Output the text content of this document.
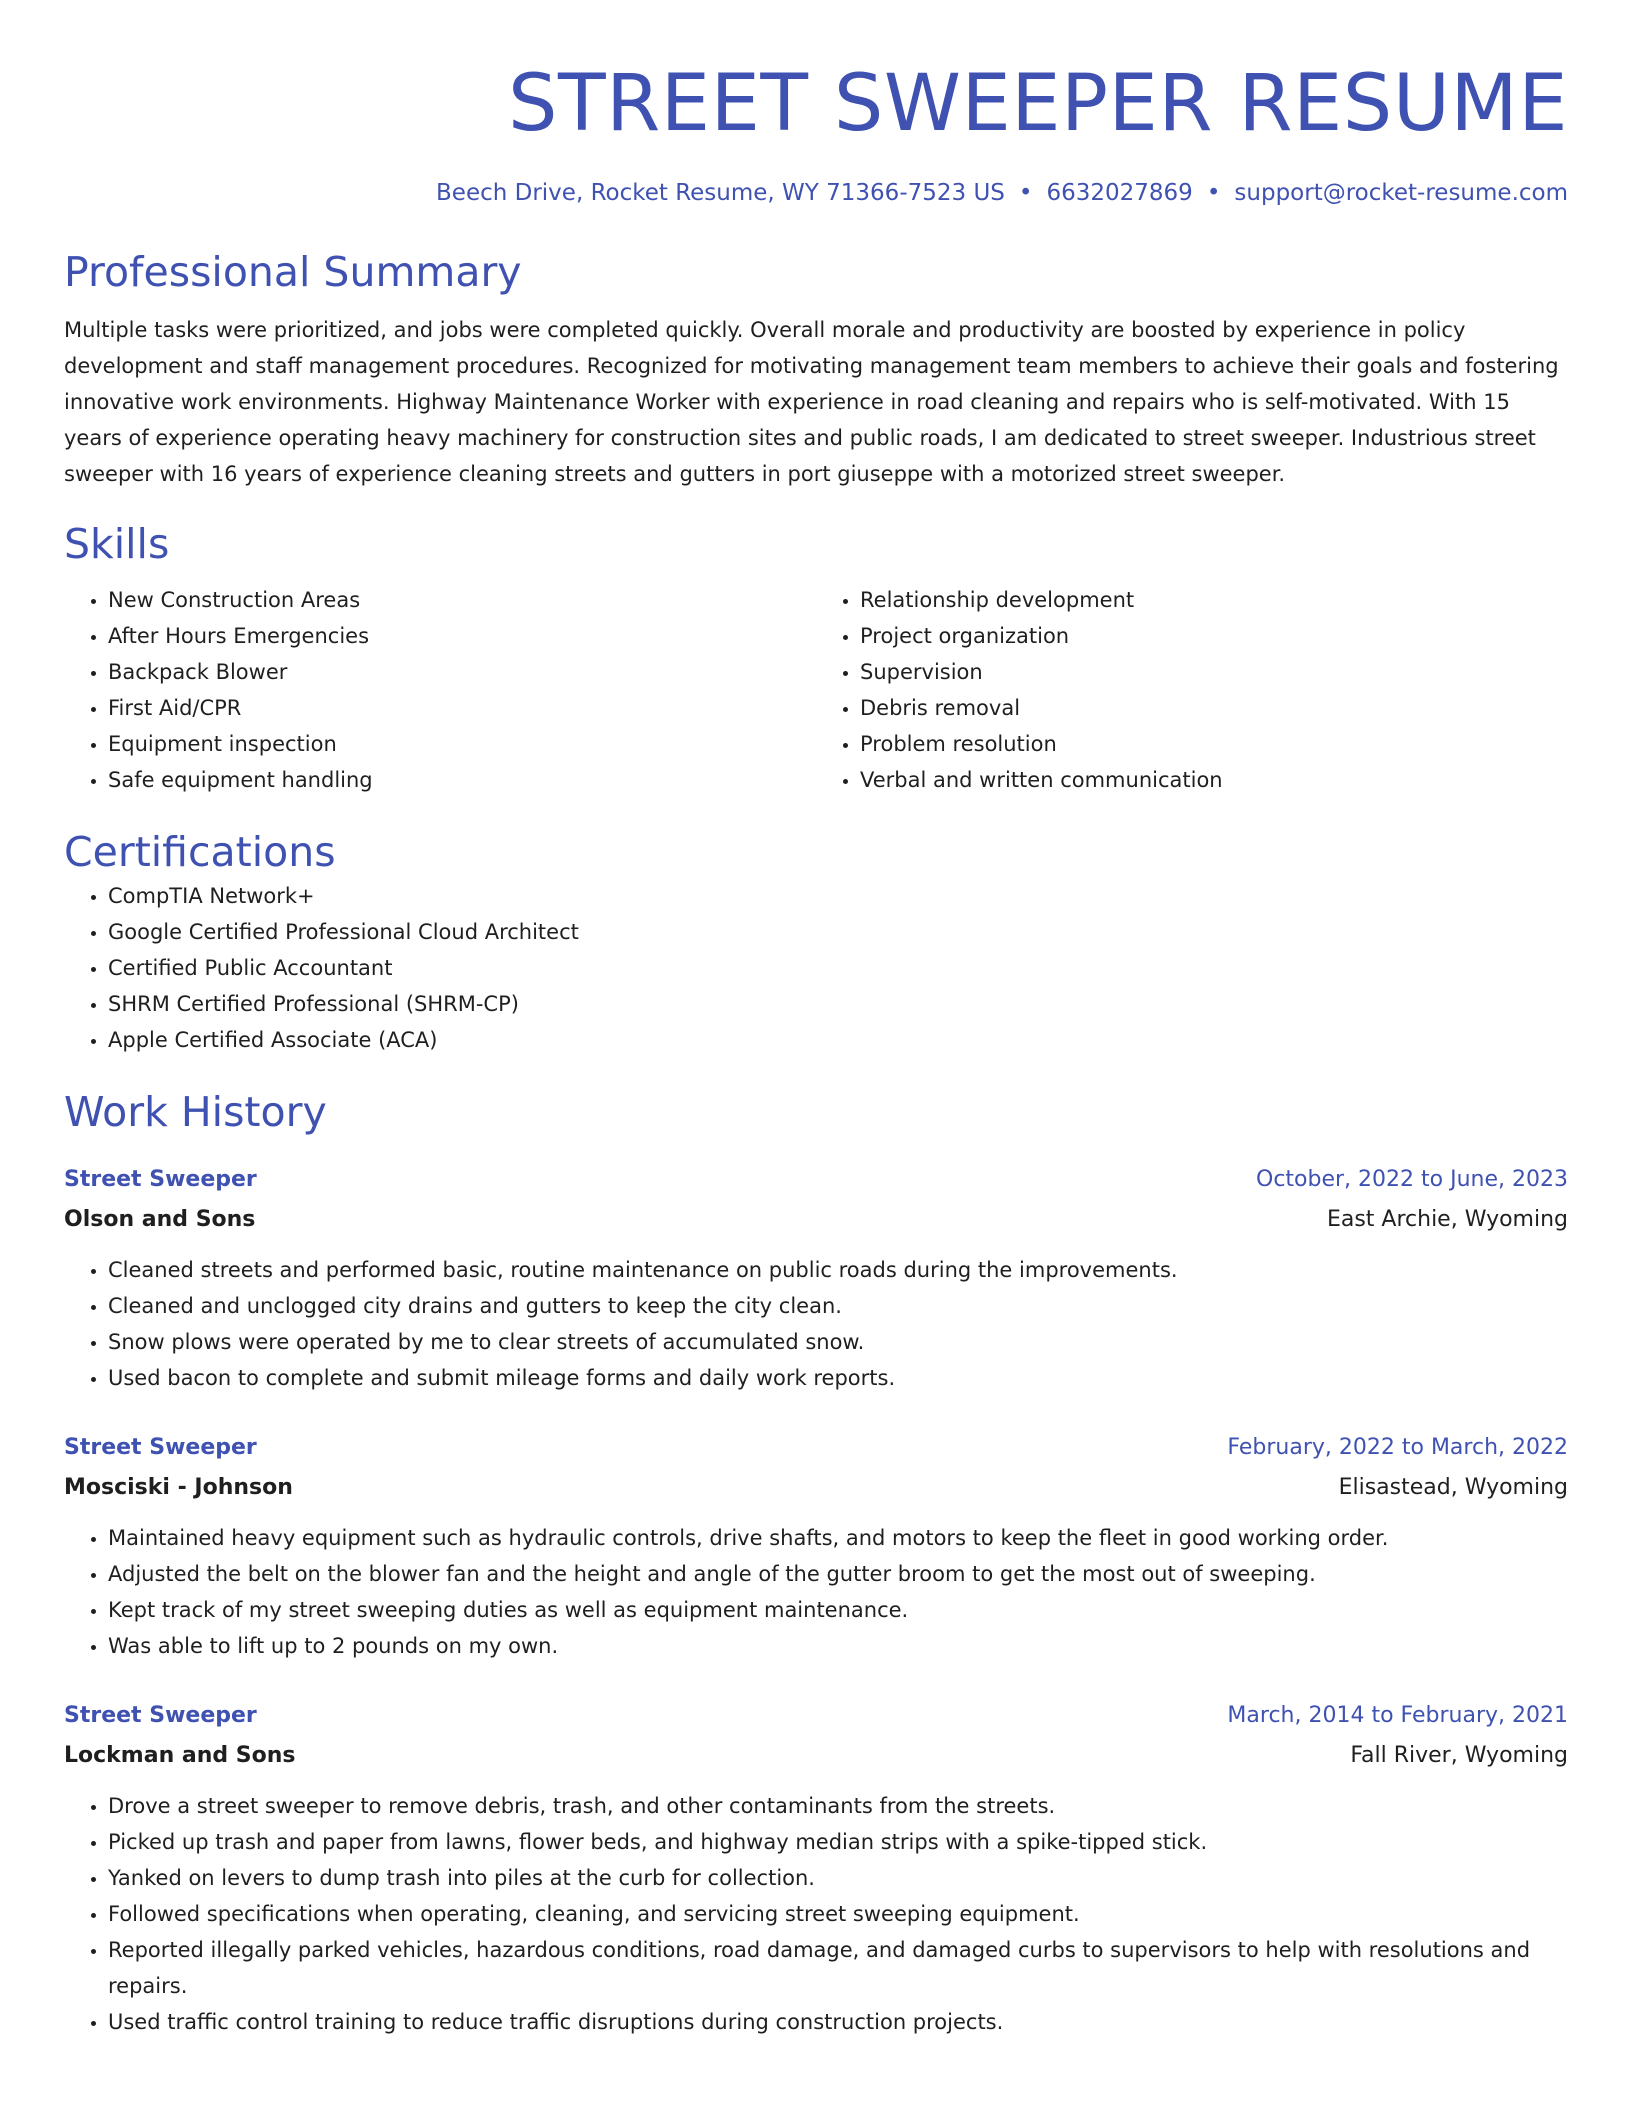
STREET SWEEPER RESUME
Beech Drive, Rocket Resume, WY 71366-7523 US • 6632027869 • support@rocket-resume.com
Professional Summary

Multiple tasks were prioritized, and jobs were completed quickly. Overall morale and productivity are boosted by experience in policy development and staff management procedures. Recognized for motivating management team members to achieve their goals and fostering innovative work environments. Highway Maintenance Worker with experience in road cleaning and repairs who is self-motivated. With 15 years of experience operating heavy machinery for construction sites and public roads, I am dedicated to street sweeper. Industrious street sweeper with 16 years of experience cleaning streets and gutters in port giuseppe with a motorized street sweeper.

Skills
• New Construction Areas
• After Hours Emergencies
• Backpack Blower
• First Aid/CPR
• Equipment inspection
• Safe equipment handling
• Relationship development
• Project organization
• Supervision
• Debris removal
• Problem resolution
• Verbal and written communication
Certifications
• CompTIA Network+
• Google Certified Professional Cloud Architect
• Certified Public Accountant
• SHRM Certified Professional (SHRM-CP)
• Apple Certified Associate (ACA)
Work History
Street Sweeper	October, 2022 to June, 2023
Olson and Sons	East Archie, Wyoming
• Cleaned streets and performed basic, routine maintenance on public roads during the improvements.
• Cleaned and unclogged city drains and gutters to keep the city clean.
• Snow plows were operated by me to clear streets of accumulated snow.
• Used bacon to complete and submit mileage forms and daily work reports.
Street Sweeper	February, 2022 to March, 2022
Mosciski - Johnson	Elisastead, Wyoming
• Maintained heavy equipment such as hydraulic controls, drive shafts, and motors to keep the fleet in good working order.
• Adjusted the belt on the blower fan and the height and angle of the gutter broom to get the most out of sweeping.
• Kept track of my street sweeping duties as well as equipment maintenance.
• Was able to lift up to 2 pounds on my own.
Street Sweeper	March, 2014 to February, 2021
Lockman and Sons	Fall River, Wyoming
• Drove a street sweeper to remove debris, trash, and other contaminants from the streets.
• Picked up trash and paper from lawns, flower beds, and highway median strips with a spike-tipped stick.
• Yanked on levers to dump trash into piles at the curb for collection.
• Followed specifications when operating, cleaning, and servicing street sweeping equipment.
• Reported illegally parked vehicles, hazardous conditions, road damage, and damaged curbs to supervisors to help with resolutions and repairs.
• Used traffic control training to reduce traffic disruptions during construction projects.
